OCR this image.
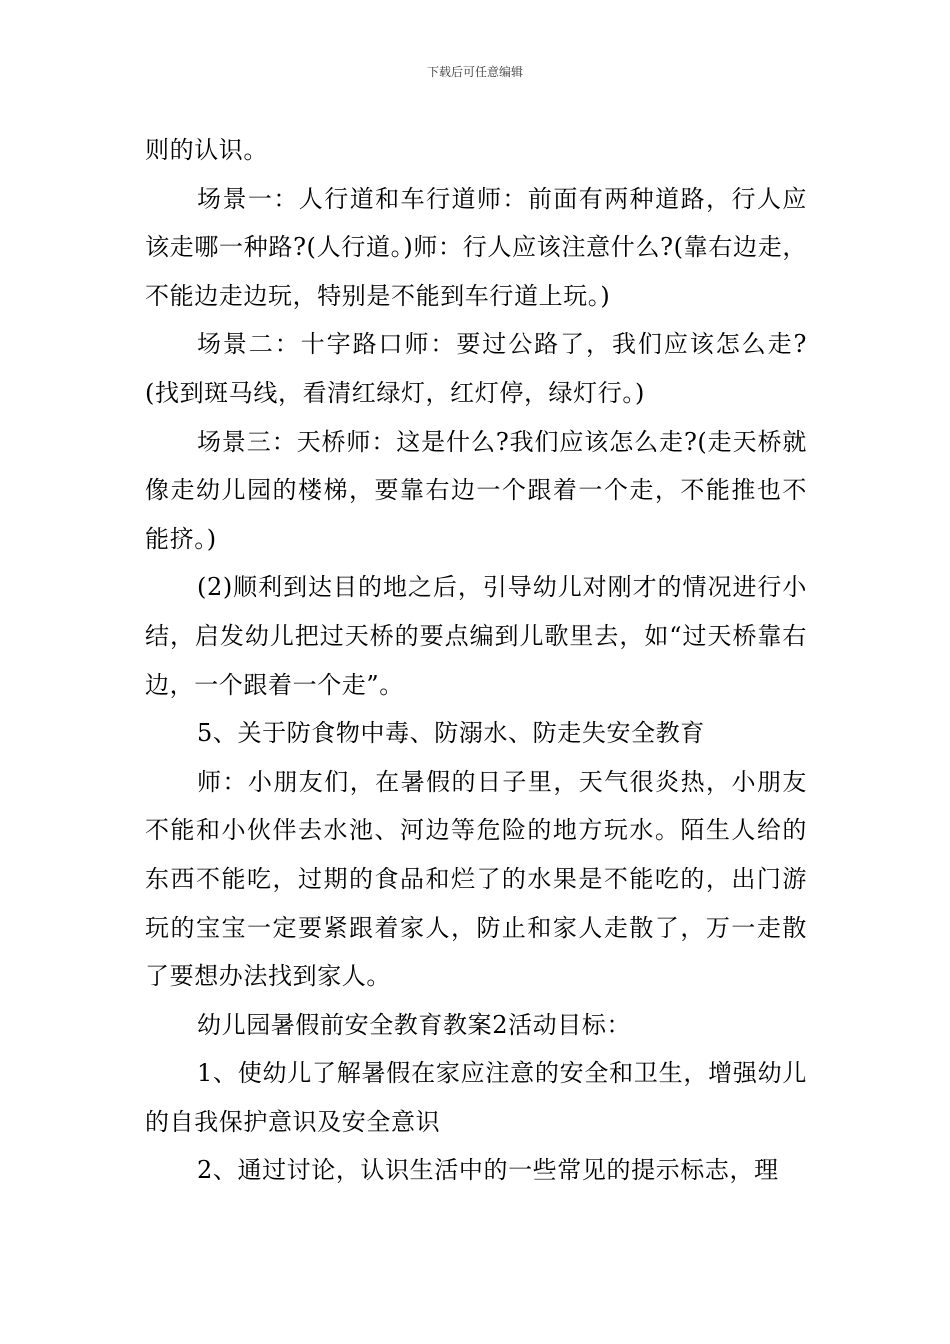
下载后可任意编辑

则的认识。

场景一：人行道和车行道师：前面有两种道路，行人应该走哪一种路?(人行道。)师：行人应该注意什么?(靠右边走，不能边走边玩，特别是不能到车行道上玩。)

场景二：十字路口师：要过公路了，我们应该怎么走?(找到斑马线，看清红绿灯，红灯停，绿灯行。)

场景三：天桥师：这是什么?我们应该怎么走?(走天桥就像走幼儿园的楼梯，要靠右边一个跟着一个走，不能推也不能挤。)

(2)顺利到达目的地之后，引导幼儿对刚才的情况进行小结，启发幼儿把过天桥的要点编到儿歌里去，如“过天桥靠右边，一个跟着一个走”。

5、关于防食物中毒、防溺水、防走失安全教育

师：小朋友们，在暑假的日子里，天气很炎热，小朋友不能和小伙伴去水池、河边等危险的地方玩水。陌生人给的东西不能吃，过期的食品和烂了的水果是不能吃的，出门游玩的宝宝一定要紧跟着家人，防止和家人走散了，万一走散了要想办法找到家人。

幼儿园暑假前安全教育教案2活动目标：

1、使幼儿了解暑假在家应注意的安全和卫生，增强幼儿的自我保护意识及安全意识

2、通过讨论，认识生活中的一些常见的提示标志，理
